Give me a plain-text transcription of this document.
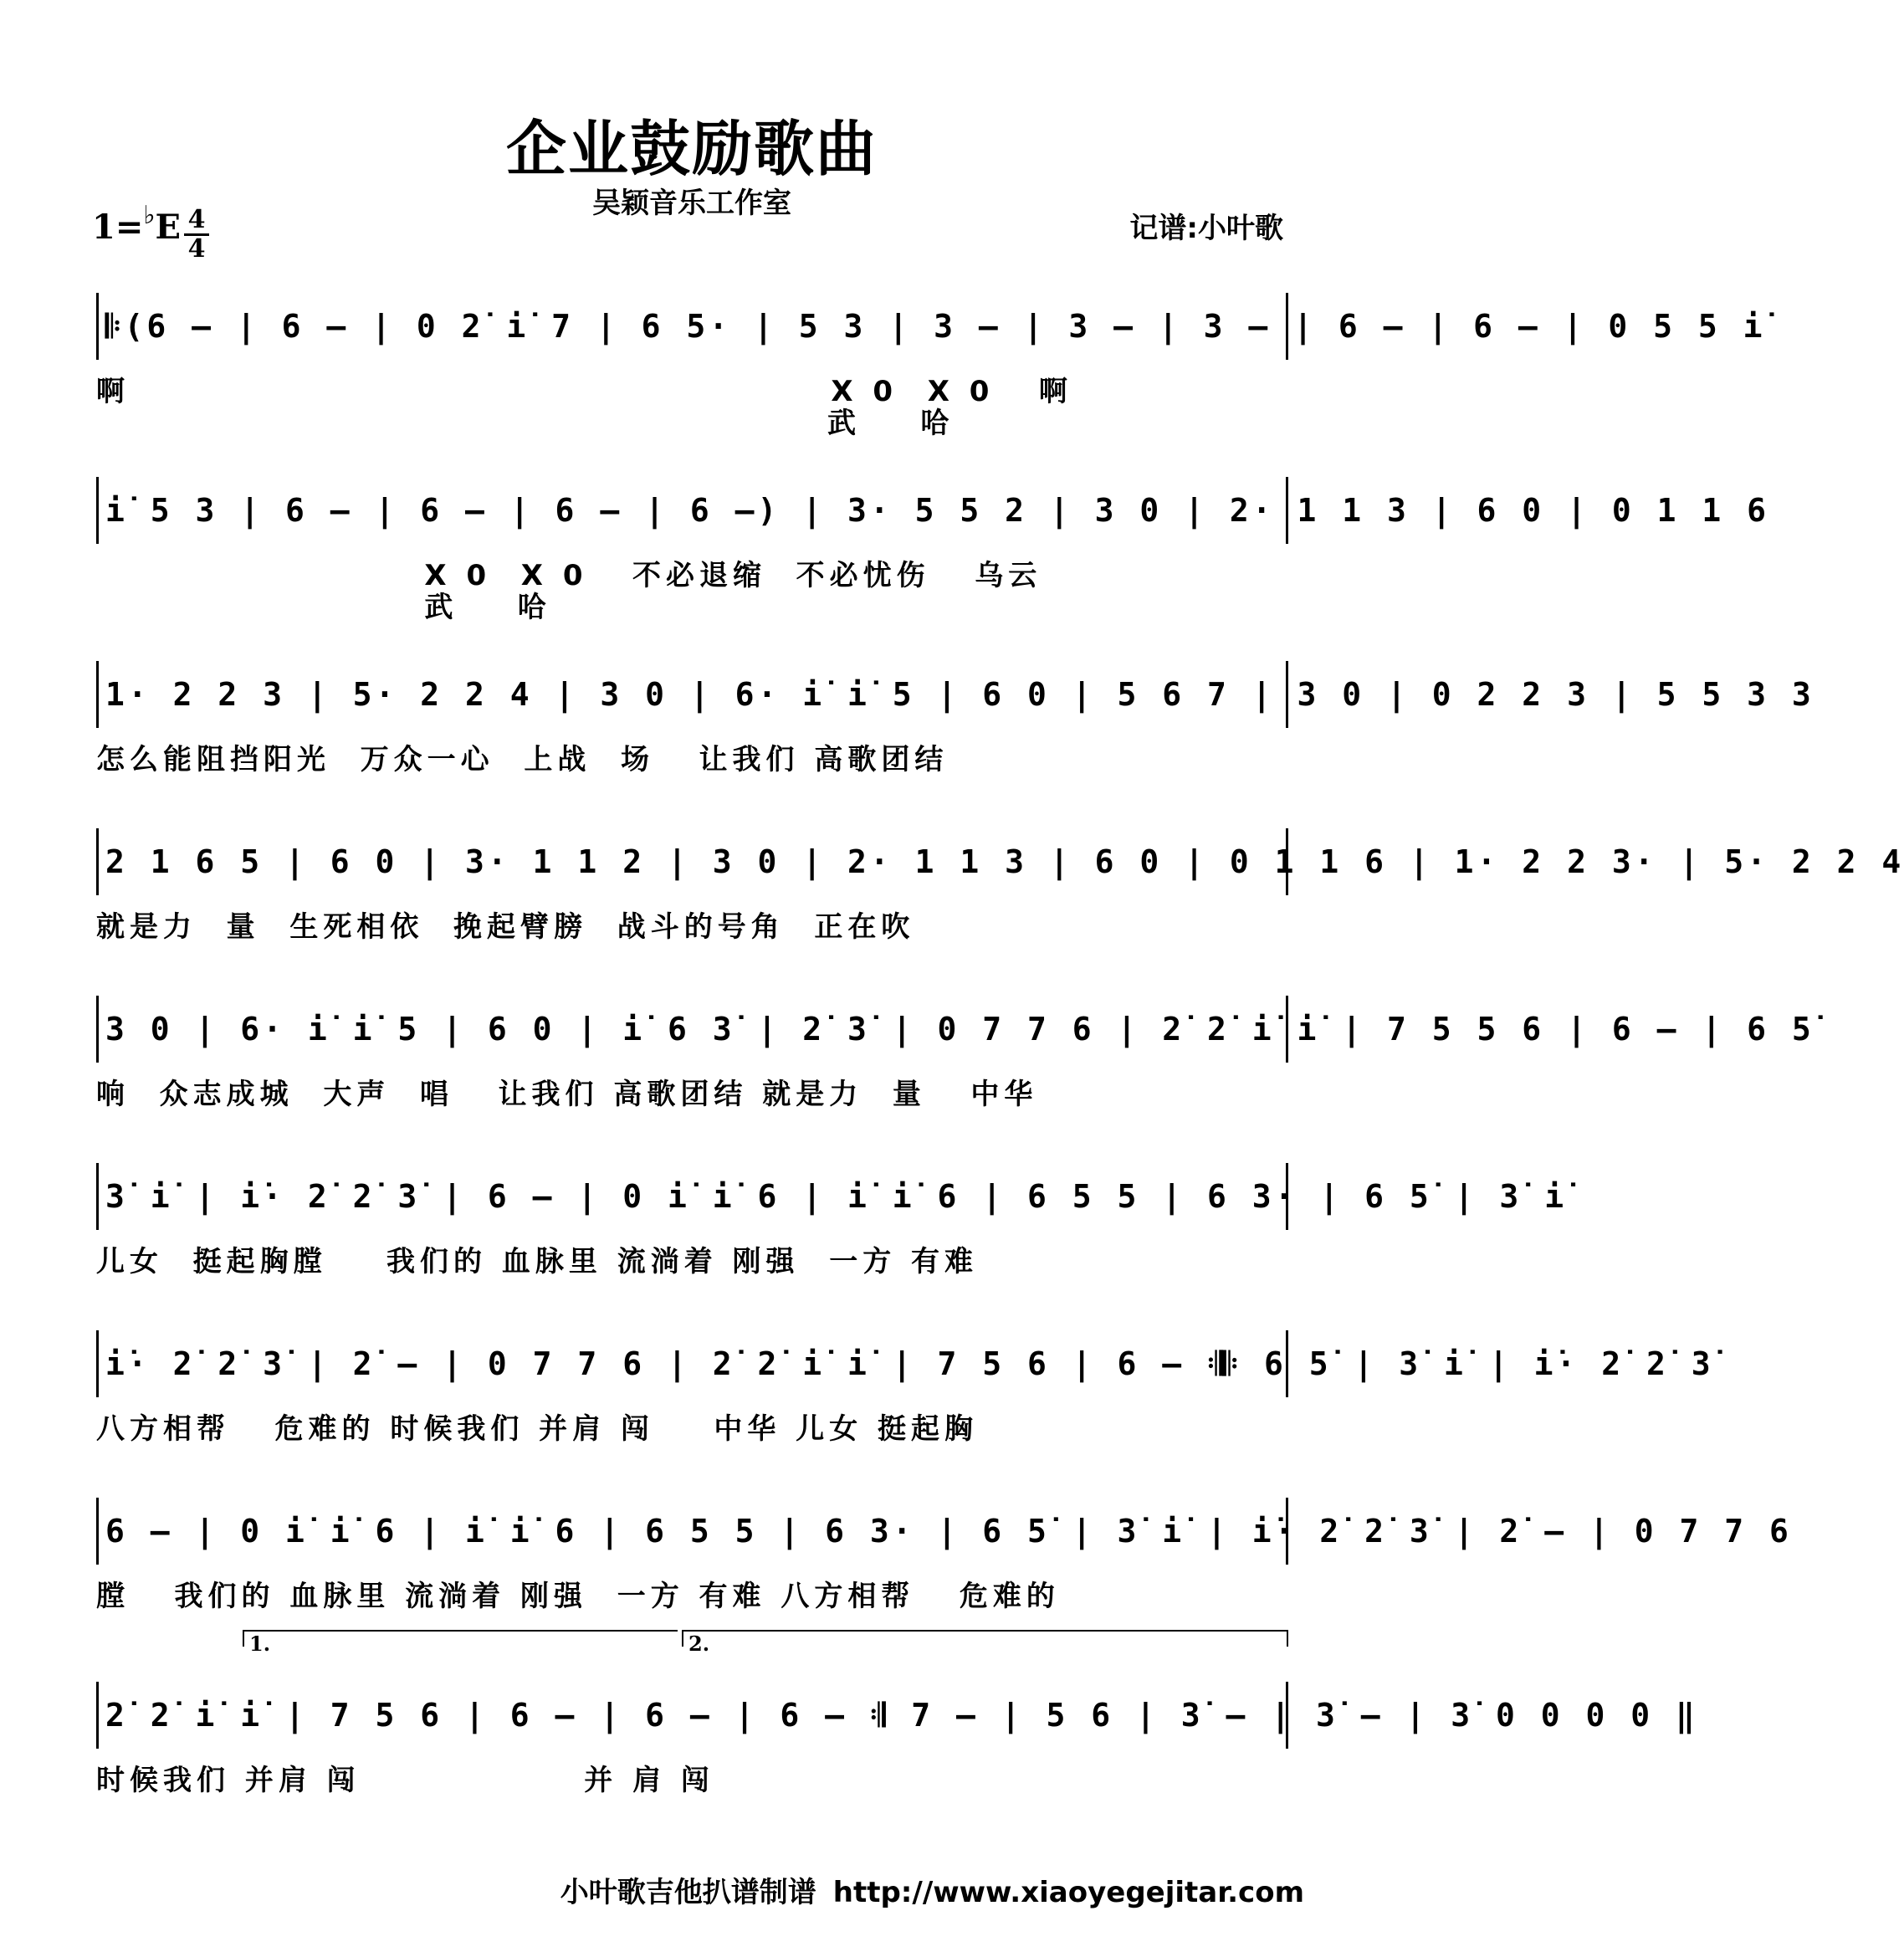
企业鼓励歌曲
吴颖音乐工作室
1=♭E 4
4
记谱:小叶歌
𝄆(6 – | 6 – | 0 2̇ i̇ 7 | 6 5· | 5 3 | 3 – | 3 – | 3 – | 6 – | 6 – | 0 5 5 i̇
啊                                               X 0  X 0   啊
武    哈
i̇ 5 3 | 6 – | 6 – | 6 – | 6 –) | 3· 5 5 2 | 3 0 | 2· 1 1 3 | 6 0 | 0 1 1 6
X 0  X 0   不必退缩  不必忧伤   乌云
武    哈
1· 2 2 3 | 5· 2 2 4 | 3 0 | 6· i̇ i̇ 5 | 6 0 | 5 6 7 | 3 0 | 0 2 2 3 | 5 5 3 3
怎么能阻挡阳光  万众一心  上战  场   让我们 高歌团结
2 1 6 5 | 6 0 | 3· 1 1 2 | 3 0 | 2· 1 1 3 | 6 0 | 0 1 1 6 | 1· 2 2 3· | 5· 2 2 4
就是力  量  生死相依  挽起臂膀  战斗的号角  正在吹
3 0 | 6· i̇ i̇ 5 | 6 0 | i̇ 6 3̇ | 2̇ 3̇ | 0 7 7 6 | 2̇ 2̇ i̇ i̇ | 7 5 5 6 | 6 – | 6 5̇
响  众志成城  大声  唱   让我们 高歌团结 就是力  量   中华
3̇ i̇ | i̇· 2̇ 2̇ 3̇ | 6 – | 0 i̇ i̇ 6 | i̇ i̇ 6 | 6 5 5 | 6 3· | 6 5̇ | 3̇ i̇
儿女  挺起胸膛    我们的 血脉里 流淌着 刚强  一方 有难
i̇· 2̇ 2̇ 3̇ | 2̇ – | 0 7 7 6 | 2̇ 2̇ i̇ i̇ | 7 5 6 | 6 – 𝄇𝄆 6 5̇ | 3̇ i̇ | i̇· 2̇ 2̇ 3̇
八方相帮   危难的 时候我们 并肩 闯    中华 儿女 挺起胸
6 – | 0 i̇ i̇ 6 | i̇ i̇ 6 | 6 5 5 | 6 3· | 6 5̇ | 3̇ i̇ | i̇· 2̇ 2̇ 3̇ | 2̇ – | 0 7 7 6
膛   我们的 血脉里 流淌着 刚强  一方 有难 八方相帮   危难的
1.	2.
2̇ 2̇ i̇ i̇ | 7 5 6 | 6 – | 6 – | 6 – 𝄇 7 – | 5 6 | 3̇ – | 3̇ – | 3̇ 0 0 0 0 ‖
时候我们 并肩 闯               并 肩 闯
小叶歌吉他扒谱制谱 http://www.xiaoyegejitar.com
